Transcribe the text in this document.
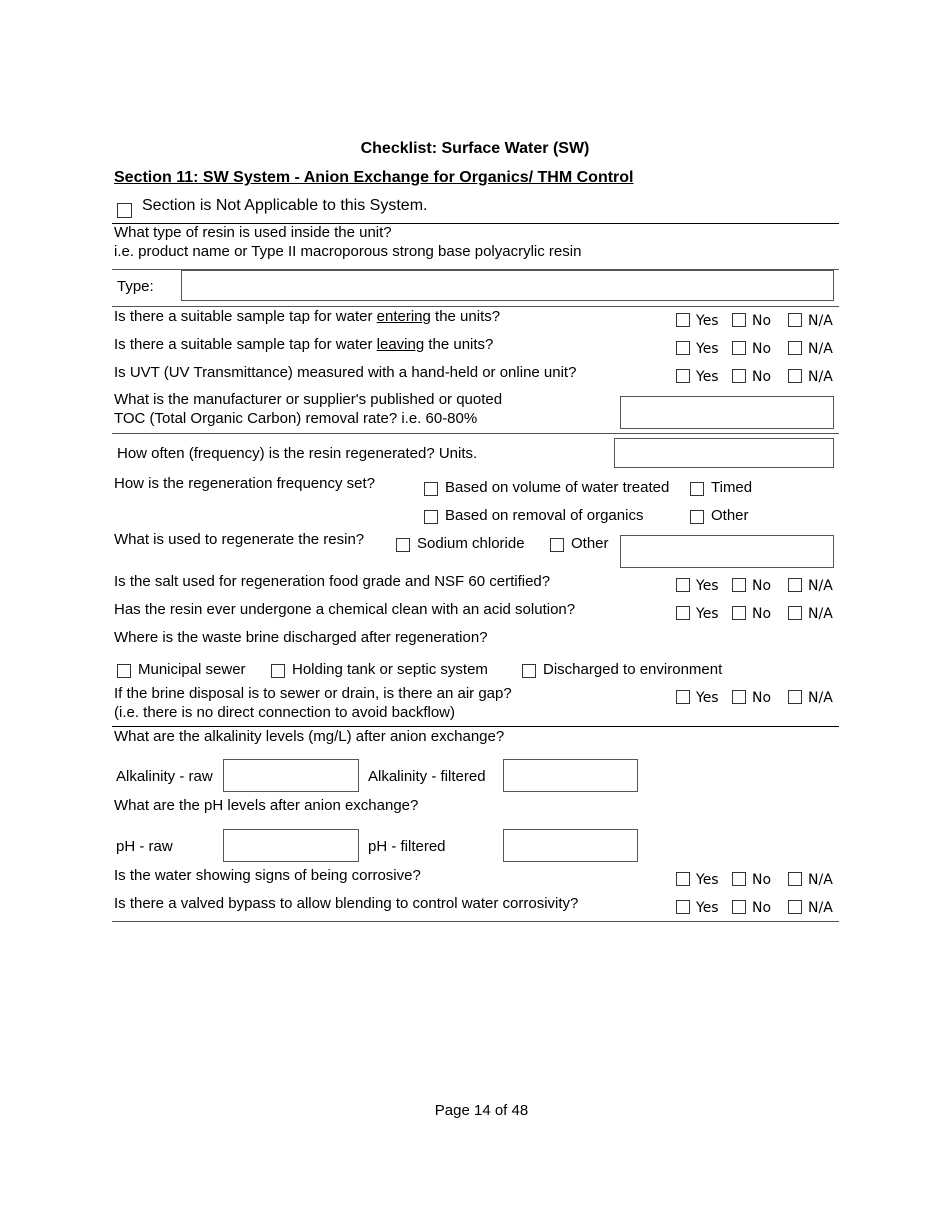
Checklist: Surface Water (SW)
Section 11: SW System - Anion Exchange for Organics/ THM Control
Section is Not Applicable to this System.
What type of resin is used inside the unit?
i.e. product name or Type II macroporous strong base polyacrylic resin
Type:
Is there a suitable sample tap for water entering the units?	Yes No	N/A
Is there a suitable sample tap for water leaving the units?	Yes No	N/A
Is UVT (UV Transmittance) measured with a hand-held or online unit?	Yes No	N/A
What is the manufacturer or supplier's published or quoted
TOC (Total Organic Carbon) removal rate? i.e. 60-80%
How often (frequency) is the resin regenerated? Units.
How is the regeneration frequency set?	Based on volume of water treated	Timed
Based on removal of organics	Other
What is used to regenerate the resin?	Sodium chloride	Other
Is the salt used for regeneration food grade and NSF 60 certified?	Yes No	N/A
Has the resin ever undergone a chemical clean with an acid solution?	Yes No	N/A
Where is the waste brine discharged after regeneration?
Municipal sewer	Holding tank or septic system	Discharged to environment
If the brine disposal is to sewer or drain, is there an air gap?
(i.e. there is no direct connection to avoid backflow)
Yes No	N/A
What are the alkalinity levels (mg/L) after anion exchange?
Alkalinity - raw	Alkalinity - filtered
What are the pH levels after anion exchange?
pH - raw	pH - filtered
Is the water showing signs of being corrosive?	Yes No	N/A
Is there a valved bypass to allow blending to control water corrosivity?	Yes No	N/A
Page 14 of 48
